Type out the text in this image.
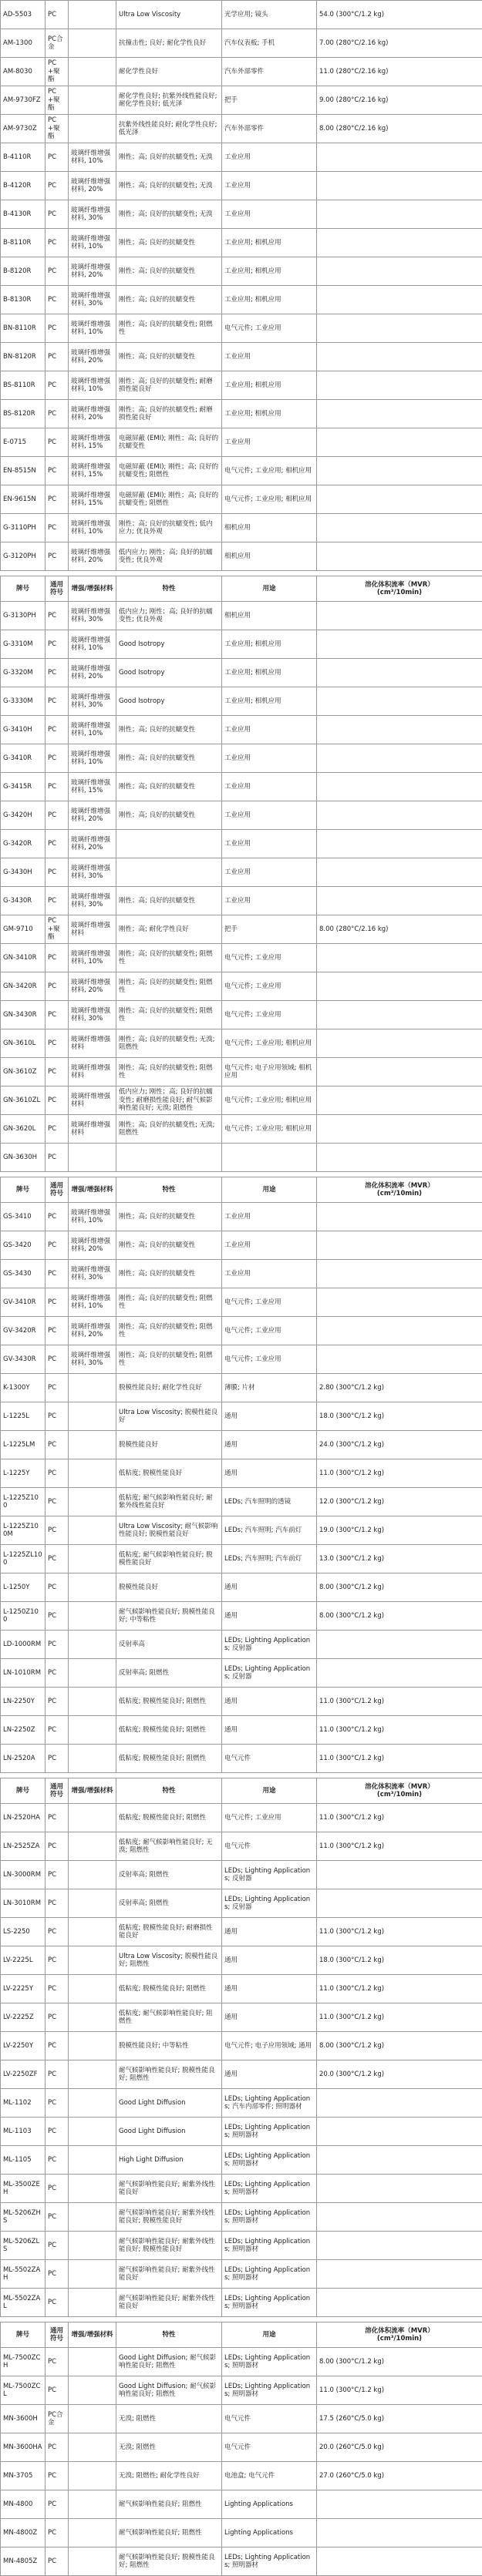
AD-5503	PC		Ultra Low Viscosity	光学应用; 镜头	54.0 (300°C/1.2 kg)
AM-1300	PC合金		抗撞击性; 良好; 耐化学性良好	汽车仪表板; 手机	7.00 (280°C/2.16 kg)
AM-8030	PC+聚酯		耐化学性良好	汽车外部零件	11.0 (280°C/2.16 kg)
AM-9730FZ	PC+聚酯		耐化学性良好; 抗紫外线性能良好; 耐化学性良好; 低光泽	把手	9.00 (280°C/2.16 kg)
AM-9730Z	PC+聚酯		抗紫外线性能良好; 耐化学性良好; 低光泽	汽车外部零件	8.00 (280°C/2.16 kg)
B-4110R	PC	玻璃纤维增强材料, 10%	刚性；高; 良好的抗蠕变性; 无溴	工业应用	
B-4120R	PC	玻璃纤维增强材料, 20%	刚性；高; 良好的抗蠕变性; 无溴	工业应用	
B-4130R	PC	玻璃纤维增强材料, 30%	刚性；高; 良好的抗蠕变性; 无溴	工业应用	
B-8110R	PC	玻璃纤维增强材料, 10%	刚性；高; 良好的抗蠕变性	工业应用; 相机应用	
B-8120R	PC	玻璃纤维增强材料, 20%	刚性；高; 良好的抗蠕变性	工业应用; 相机应用	
B-8130R	PC	玻璃纤维增强材料, 30%	刚性；高; 良好的抗蠕变性	工业应用; 相机应用	
BN-8110R	PC	玻璃纤维增强材料, 10%	刚性；高; 良好的抗蠕变性; 阻燃性	电气元件; 工业应用	
BN-8120R	PC	玻璃纤维增强材料, 20%	刚性；高; 良好的抗蠕变性	工业应用	
BS-8110R	PC	玻璃纤维增强材料, 10%	刚性；高; 良好的抗蠕变性; 耐磨损性能良好	工业应用; 相机应用	
BS-8120R	PC	玻璃纤维增强材料, 20%	刚性；高; 良好的抗蠕变性; 耐磨损性能良好	工业应用; 相机应用	
E-0715	PC	玻璃纤维增强材料, 15%	电磁屏蔽 (EMI); 刚性；高; 良好的抗蠕变性	工业应用	
EN-8515N	PC	玻璃纤维增强材料, 15%	电磁屏蔽 (EMI); 刚性；高; 良好的抗蠕变性; 阻燃性	电气元件; 工业应用; 相机应用	
EN-9615N	PC	玻璃纤维增强材料, 15%	电磁屏蔽 (EMI); 刚性；高; 良好的抗蠕变性; 阻燃性	电气元件; 工业应用; 相机应用	
G-3110PH	PC	玻璃纤维增强材料, 10%	刚性；高; 良好的抗蠕变性; 低内应力; 优良外观	相机应用	
G-3120PH	PC	玻璃纤维增强材料, 20%	低内应力; 刚性；高; 良好的抗蠕变性; 优良外观	相机应用	
牌号	通用符号	增强/增强材料	特性	用途	溶化体积流率（MVR）
(cm³/10min)

G-3130PH	PC	玻璃纤维增强材料, 30%	低内应力; 刚性；高; 良好的抗蠕变性; 优良外观	相机应用	
G-3310M	PC	玻璃纤维增强材料, 10%	Good Isotropy	工业应用; 相机应用	
G-3320M	PC	玻璃纤维增强材料, 20%	Good Isotropy	工业应用; 相机应用	
G-3330M	PC	玻璃纤维增强材料, 30%	Good Isotropy	工业应用; 相机应用	
G-3410H	PC	玻璃纤维增强材料, 10%	刚性；高; 良好的抗蠕变性	工业应用	
G-3410R	PC	玻璃纤维增强材料, 10%	刚性；高; 良好的抗蠕变性	工业应用	
G-3415R	PC	玻璃纤维增强材料, 15%	刚性；高; 良好的抗蠕变性	工业应用	
G-3420H	PC	玻璃纤维增强材料, 20%	刚性；高; 良好的抗蠕变性	工业应用	
G-3420R	PC	玻璃纤维增强材料, 20%		工业应用	
G-3430H	PC	玻璃纤维增强材料, 30%		工业应用	
G-3430R	PC	玻璃纤维增强材料, 30%	刚性；高; 良好的抗蠕变性	工业应用	
GM-9710	PC+聚酯	玻璃纤维增强材料	刚性；高; 耐化学性良好	把手	8.00 (280°C/2.16 kg)
GN-3410R	PC	玻璃纤维增强材料, 10%	刚性；高; 良好的抗蠕变性; 阻燃性	电气元件; 工业应用	
GN-3420R	PC	玻璃纤维增强材料, 20%	刚性；高; 良好的抗蠕变性; 阻燃性	电气元件; 工业应用	
GN-3430R	PC	玻璃纤维增强材料, 30%	刚性；高; 良好的抗蠕变性; 阻燃性	电气元件; 工业应用	
GN-3610L	PC	玻璃纤维增强材料	刚性；高; 良好的抗蠕变性; 无溴; 阻燃性	电气元件; 工业应用; 相机应用	
GN-3610Z	PC	玻璃纤维增强材料	刚性；高; 良好的抗蠕变性; 阻燃性	电气元件; 电子应用领域; 相机应用	
GN-3610ZL	PC	玻璃纤维增强材料	低内应力; 刚性；高; 良好的抗蠕变性; 耐磨损性能良好; 耐气候影响性能良好; 无溴; 阻燃性	电气元件; 工业应用; 相机应用	
GN-3620L	PC	玻璃纤维增强材料	刚性；高; 良好的抗蠕变性; 无溴; 阻燃性	电气元件; 工业应用; 相机应用	
GN-3630H	PC				
牌号	通用符号	增强/增强材料	特性	用途	溶化体积流率（MVR）
(cm³/10min)

GS-3410	PC	玻璃纤维增强材料, 10%	刚性；高; 良好的抗蠕变性	工业应用	
GS-3420	PC	玻璃纤维增强材料, 20%	刚性；高; 良好的抗蠕变性	工业应用	
GS-3430	PC	玻璃纤维增强材料, 30%	刚性；高; 良好的抗蠕变性	工业应用	
GV-3410R	PC	玻璃纤维增强材料, 10%	刚性；高; 良好的抗蠕变性; 阻燃性	电气元件; 工业应用	
GV-3420R	PC	玻璃纤维增强材料, 20%	刚性；高; 良好的抗蠕变性; 阻燃性	电气元件; 工业应用	
GV-3430R	PC	玻璃纤维增强材料, 30%	刚性；高; 良好的抗蠕变性; 阻燃性	电气元件; 工业应用	
K-1300Y	PC		脱模性能良好; 耐化学性良好	薄膜; 片材	2.80 (300°C/1.2 kg)
L-1225L	PC		Ultra Low Viscosity; 脱模性能良好	通用	18.0 (300°C/1.2 kg)
L-1225LM	PC		脱模性能良好	通用	24.0 (300°C/1.2 kg)
L-1225Y	PC		低粘度; 脱模性能良好	通用	11.0 (300°C/1.2 kg)
L-1225Z100	PC		低粘度; 耐气候影响性能良好; 耐紫外线性能良好	LEDs; 汽车照明的透镜	12.0 (300°C/1.2 kg)
L-1225Z100M	PC		Ultra Low Viscosity; 耐气候影响性能良好; 脱模性能良好	LEDs; 汽车照明; 汽车前灯	19.0 (300°C/1.2 kg)
L-1225ZL100	PC		低粘度; 耐气候影响性能良好; 脱模性能良好	LEDs; 汽车照明; 汽车前灯	13.0 (300°C/1.2 kg)
L-1250Y	PC		脱模性能良好	通用	8.00 (300°C/1.2 kg)
L-1250Z100	PC		耐气候影响性能良好; 脱模性能良好; 中等粘性	通用	8.00 (300°C/1.2 kg)
LD-1000RM	PC		反射率高	LEDs; Lighting Applications; 反射器	
LN-1010RM	PC		反射率高; 阻燃性	LEDs; Lighting Applications; 反射器	
LN-2250Y	PC		低粘度; 脱模性能良好; 阻燃性	通用	11.0 (300°C/1.2 kg)
LN-2250Z	PC		低粘度; 脱模性能良好; 阻燃性	通用	11.0 (300°C/1.2 kg)
LN-2520A	PC		低粘度; 脱模性能良好; 阻燃性	电气元件	11.0 (300°C/1.2 kg)
牌号	通用符号	增强/增强材料	特性	用途	溶化体积流率（MVR）
(cm³/10min)

LN-2520HA	PC		低粘度; 脱模性能良好; 阻燃性	电气元件; 工业应用	11.0 (300°C/1.2 kg)
LN-2525ZA	PC		低粘度; 耐气候影响性能良好; 无溴; 阻燃性	电气元件	11.0 (300°C/1.2 kg)
LN-3000RM	PC		反射率高; 阻燃性	LEDs; Lighting Applications; 反射器	
LN-3010RM	PC		反射率高; 阻燃性	LEDs; Lighting Applications; 反射器	
LS-2250	PC		低粘度; 脱模性能良好; 耐磨损性能良好	通用	11.0 (300°C/1.2 kg)
LV-2225L	PC		Ultra Low Viscosity; 脱模性能良好; 阻燃性	通用	18.0 (300°C/1.2 kg)
LV-2225Y	PC		低粘度; 脱模性能良好; 阻燃性	通用	11.0 (300°C/1.2 kg)
LV-2225Z	PC		低粘度; 耐气候影响性能良好; 阻燃性	通用	11.0 (300°C/1.2 kg)
LV-2250Y	PC		脱模性能良好; 中等粘性	电气元件; 电子应用领域; 通用	8.00 (300°C/1.2 kg)
LV-2250ZF	PC		耐气候影响性能良好; 脱模性能良好; 阻燃性	通用	20.0 (300°C/1.2 kg)
ML-1102	PC		Good Light Diffusion	LEDs; Lighting Applications; 汽车内部零件; 照明器材	
ML-1103	PC		Good Light Diffusion	LEDs; Lighting Applications; 照明器材	
ML-1105	PC		High Light Diffusion	LEDs; Lighting Applications; 照明器材	
ML-3500ZEH	PC		耐气候影响性能良好; 耐紫外线性能良好	LEDs; Lighting Applications; 照明器材	
ML-5206ZHS	PC		耐气候影响性能良好; 耐紫外线性能良好; 脱模性能良好	LEDs; Lighting Applications; 照明器材	
ML-5206ZLS	PC		耐气候影响性能良好; 耐紫外线性能良好; 脱模性能良好	LEDs; Lighting Applications; 照明器材	
ML-5502ZAH	PC		耐气候影响性能良好; 耐紫外线性能良好	LEDs; Lighting Applications; 照明器材	
ML-5502ZAL	PC		耐气候影响性能良好; 耐紫外线性能良好	LEDs; Lighting Applications; 照明器材	
牌号	通用符号	增强/增强材料	特性	用途	溶化体积流率（MVR）
(cm³/10min)

ML-7500ZCH	PC		Good Light Diffusion; 耐气候影响性能良好; 阻燃性	LEDs; Lighting Applications; 照明器材	8.00 (300°C/1.2 kg)
ML-7500ZCL	PC		Good Light Diffusion; 耐气候影响性能良好; 阻燃性	LEDs; Lighting Applications; 照明器材	11.0 (300°C/1.2 kg)
MN-3600H	PC合金		无溴; 阻燃性	电气元件	17.5 (260°C/5.0 kg)
MN-3600HA	PC		无溴; 阻燃性	电气元件	20.0 (260°C/5.0 kg)
MN-3705	PC		无溴; 阻燃性; 耐化学性良好	电池盒; 电气元件	27.0 (260°C/5.0 kg)
MN-4800	PC		耐气候影响性能良好; 阻燃性	Lighting Applications	
MN-4800Z	PC		耐气候影响性能良好; 阻燃性	Lighting Applications	
MN-4805Z	PC		耐气候影响性能良好; 脱模性能良好; 阻燃性	LEDs; Lighting Applications; 照明器材	
